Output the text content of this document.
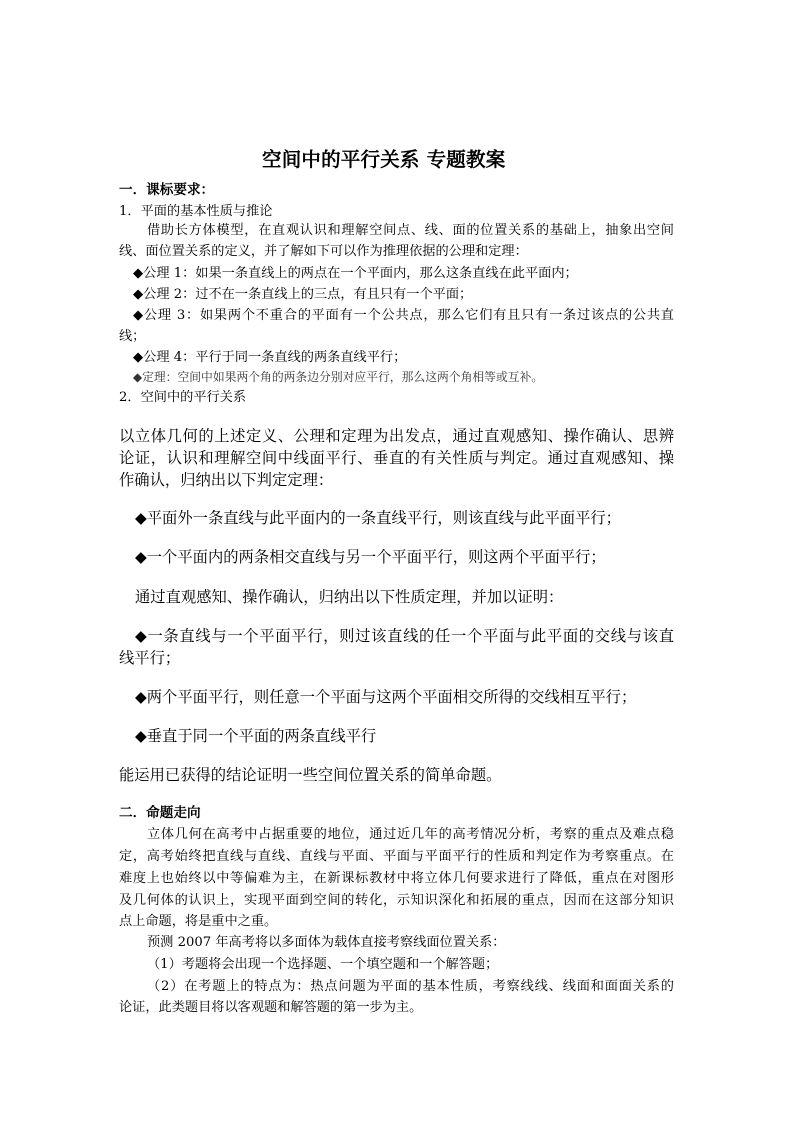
空间中的平行关系 专题教案
一．课标要求：
1．平面的基本性质与推论
借助长方体模型，在直观认识和理解空间点、线、面的位置关系的基础上，抽象出空间
线、面位置关系的定义，并了解如下可以作为推理依据的公理和定理：
◆公理 1：如果一条直线上的两点在一个平面内，那么这条直线在此平面内；
◆公理 2：过不在一条直线上的三点，有且只有一个平面；
◆公理 3：如果两个不重合的平面有一个公共点，那么它们有且只有一条过该点的公共直
线；
◆公理 4：平行于同一条直线的两条直线平行；
◆定理：空间中如果两个角的两条边分别对应平行，那么这两个角相等或互补。
2．空间中的平行关系
以立体几何的上述定义、公理和定理为出发点，通过直观感知、操作确认、思辨
论证，认识和理解空间中线面平行、垂直的有关性质与判定。通过直观感知、操
作确认，归纳出以下判定定理：
◆平面外一条直线与此平面内的一条直线平行，则该直线与此平面平行；
◆一个平面内的两条相交直线与另一个平面平行，则这两个平面平行；
通过直观感知、操作确认，归纳出以下性质定理，并加以证明：
◆一条直线与一个平面平行，则过该直线的任一个平面与此平面的交线与该直
线平行；
◆两个平面平行，则任意一个平面与这两个平面相交所得的交线相互平行；
◆垂直于同一个平面的两条直线平行
能运用已获得的结论证明一些空间位置关系的简单命题。
二．命题走向
立体几何在高考中占据重要的地位，通过近几年的高考情况分析，考察的重点及难点稳
定，高考始终把直线与直线、直线与平面、平面与平面平行的性质和判定作为考察重点。在
难度上也始终以中等偏难为主，在新课标教材中将立体几何要求进行了降低，重点在对图形
及几何体的认识上，实现平面到空间的转化，示知识深化和拓展的重点，因而在这部分知识
点上命题，将是重中之重。
预测 2007 年高考将以多面体为载体直接考察线面位置关系：
（1）考题将会出现一个选择题、一个填空题和一个解答题；
（2）在考题上的特点为：热点问题为平面的基本性质，考察线线、线面和面面关系的
论证，此类题目将以客观题和解答题的第一步为主。
